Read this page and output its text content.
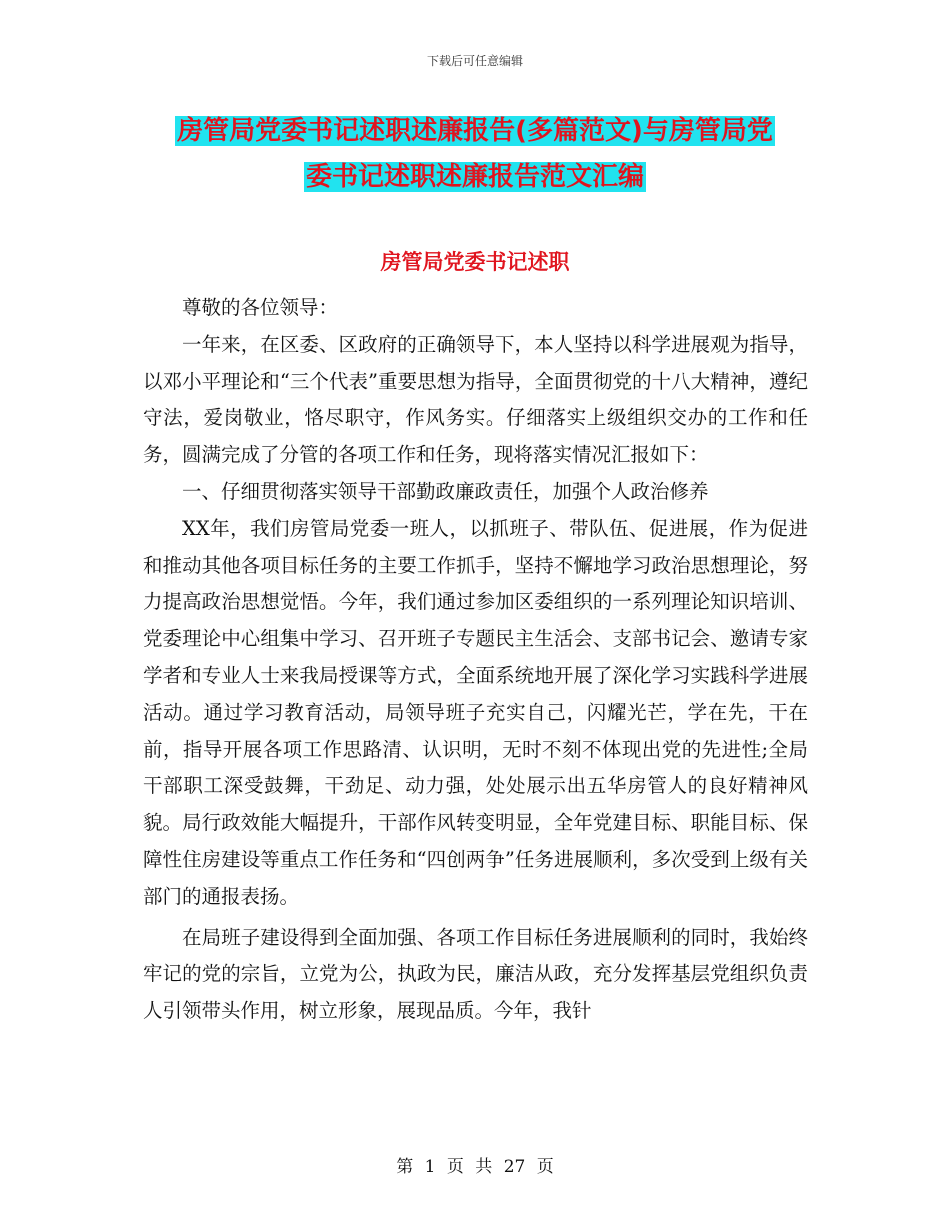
下载后可任意编辑
房管局党委书记述职述廉报告(多篇范文)与房管局党
委书记述职述廉报告范文汇编
房管局党委书记述职

尊敬的各位领导：

一年来，在区委、区政府的正确领导下，本人坚持以科学进展观为指导，以邓小平理论和“三个代表”重要思想为指导，全面贯彻党的十八大精神，遵纪守法，爱岗敬业，恪尽职守，作风务实。仔细落实上级组织交办的工作和任务，圆满完成了分管的各项工作和任务，现将落实情况汇报如下：

一、仔细贯彻落实领导干部勤政廉政责任，加强个人政治修养

XX年，我们房管局党委一班人，以抓班子、带队伍、促进展，作为促进和推动其他各项目标任务的主要工作抓手，坚持不懈地学习政治思想理论，努力提高政治思想觉悟。今年，我们通过参加区委组织的一系列理论知识培训、党委理论中心组集中学习、召开班子专题民主生活会、支部书记会、邀请专家学者和专业人士来我局授课等方式，全面系统地开展了深化学习实践科学进展活动。通过学习教育活动，局领导班子充实自己，闪耀光芒，学在先，干在前，指导开展各项工作思路清、认识明，无时不刻不体现出党的先进性;全局干部职工深受鼓舞，干劲足、动力强，处处展示出五华房管人的良好精神风貌。局行政效能大幅提升，干部作风转变明显，全年党建目标、职能目标、保障性住房建设等重点工作任务和“四创两争”任务进展顺利，多次受到上级有关部门的通报表扬。

在局班子建设得到全面加强、各项工作目标任务进展顺利的同时，我始终牢记的党的宗旨，立党为公，执政为民，廉洁从政，充分发挥基层党组织负责人引领带头作用，树立形象，展现品质。今年，我针

第 1 页 共 27 页
